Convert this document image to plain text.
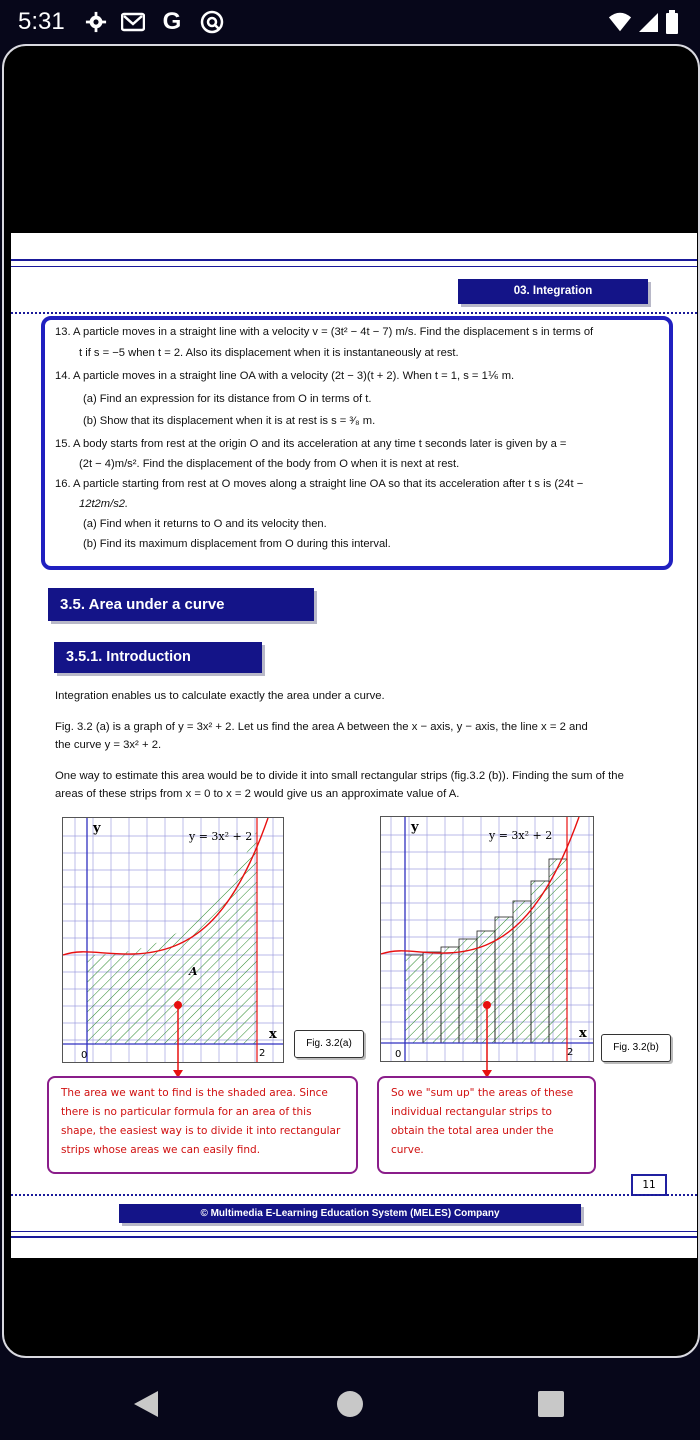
5:31	G
03. Integration
13. A particle moves in a straight line with a velocity v = (3t² − 4t − 7) m/s. Find the displacement s in terms of
t if s = −5 when t = 2. Also its displacement when it is instantaneously at rest.
14. A particle moves in a straight line OA with a velocity (2t − 3)(t + 2). When t = 1, s = 1⅙ m.
(a) Find an expression for its distance from O in terms of t.
(b) Show that its displacement when it is at rest is s = ³⁄₈ m.
15. A body starts from rest at the origin O and its acceleration at any time t seconds later is given by a =
(2t − 4)m/s². Find the displacement of the body from O when it is next at rest.
16. A particle starting from rest at O moves along a straight line OA so that its acceleration after t s is (24t −
12t2m/s2.
(a) Find when it returns to O and its velocity then.
(b) Find its maximum displacement from O during this interval.
3.5. Area under a curve
3.5.1. Introduction
Integration enables us to calculate exactly the area under a curve.
Fig. 3.2 (a) is a graph of y = 3x² + 2. Let us find the area A between the x − axis, y − axis, the line x = 2 and
the curve y = 3x² + 2.
One way to estimate this area would be to divide it into small rectangular strips (fig.3.2 (b)). Finding the sum of the
areas of these strips from x = 0 to x = 2 would give us an approximate value of A.
y
x
y = 3x² + 2
A
0	2
Fig. 3.2(a)
y
x
y = 3x² + 2
0	2	Fig. 3.2(b)
The area we want to find is the shaded area. Since there is no particular formula for an area of this shape, the easiest way is to divide it into rectangular strips whose areas we can easily find.
So we "sum up" the areas of these individual rectangular strips to obtain the total area under the curve.
11
© Multimedia E-Learning Education System (MELES) Company
